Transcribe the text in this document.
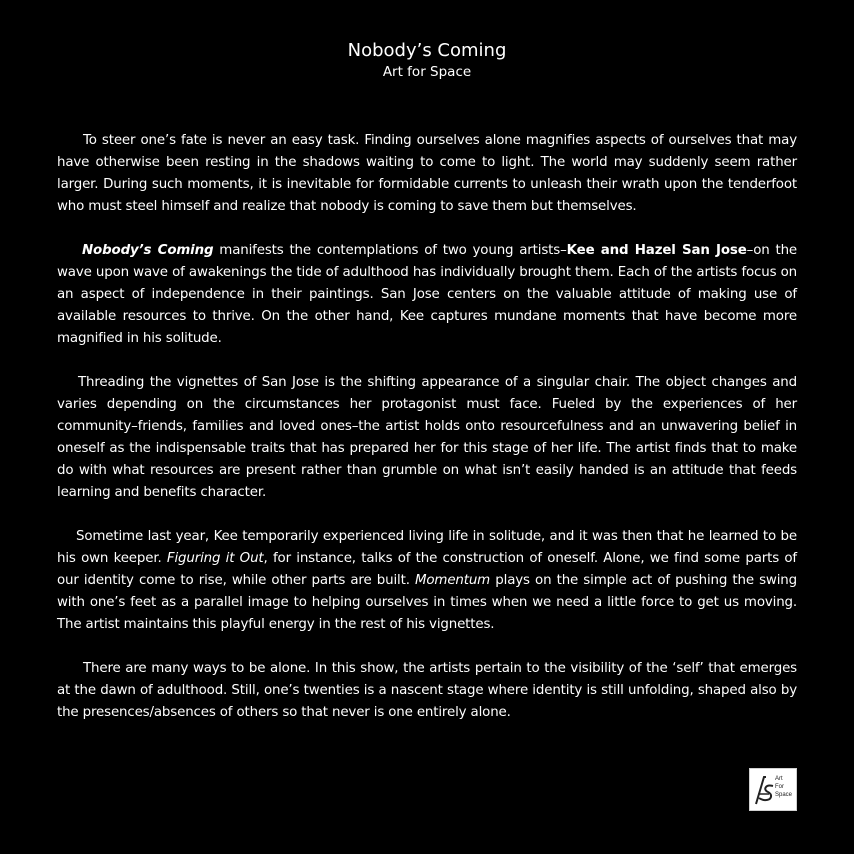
Nobody’s Coming

Art for Space

To steer one’s fate is never an easy task. Finding ourselves alone magnifies aspects of ourselves that may have otherwise been resting in the shadows waiting to come to light. The world may suddenly seem rather larger. During such moments, it is inevitable for formidable currents to unleash their wrath upon the tenderfoot who must steel himself and realize that nobody is coming to save them but themselves.

Nobody’s Coming manifests the contemplations of two young artists–Kee and Hazel San Jose–on the wave upon wave of awakenings the tide of adulthood has individually brought them. Each of the artists focus on an aspect of independence in their paintings. San Jose centers on the valuable attitude of making use of available resources to thrive. On the other hand, Kee captures mundane moments that have become more magnified in his solitude.

Threading the vignettes of San Jose is the shifting appearance of a singular chair. The object changes and varies depending on the circumstances her protagonist must face. Fueled by the experiences of her community–friends, families and loved ones–the artist holds onto resourcefulness and an unwavering belief in oneself as the indispensable traits that has prepared her for this stage of her life. The artist finds that to make do with what resources are present rather than grumble on what isn’t easily handed is an attitude that feeds learning and benefits character.

Sometime last year, Kee temporarily experienced living life in solitude, and it was then that he learned to be his own keeper. Figuring it Out, for instance, talks of the construction of oneself. Alone, we find some parts of our identity come to rise, while other parts are built. Momentum plays on the simple act of pushing the swing with one’s feet as a parallel image to helping ourselves in times when we need a little force to get us moving. The artist maintains this playful energy in the rest of his vignettes.

There are many ways to be alone. In this show, the artists pertain to the visibility of the ‘self’ that emerges at the dawn of adulthood. Still, one’s twenties is a nascent stage where identity is still unfolding, shaped also by the presences/absences of others so that never is one entirely alone.

Art
For
Space
